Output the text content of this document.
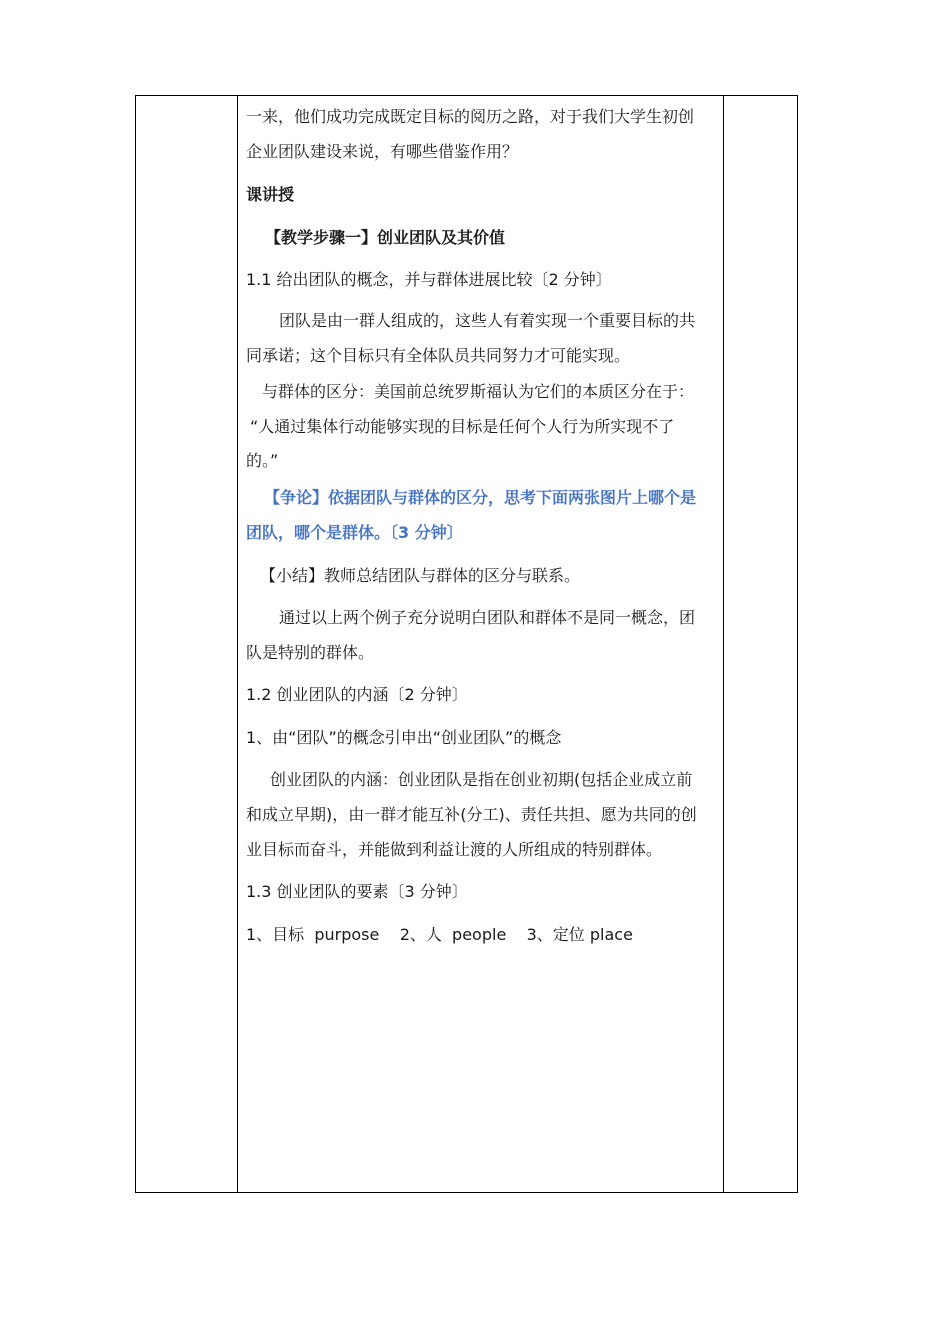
一来，他们成功完成既定目标的阅历之路，对于我们大学生初创
企业团队建设来说，有哪些借鉴作用？
课讲授
【教学步骤一】创业团队及其价值
1.1 给出团队的概念，并与群体进展比较〔2 分钟〕
团队是由一群人组成的，这些人有着实现一个重要目标的共
同承诺；这个目标只有全体队员共同努力才可能实现。
与群体的区分：美国前总统罗斯福认为它们的本质区分在于：
“人通过集体行动能够实现的目标是任何个人行为所实现不了
的。”
【争论】依据团队与群体的区分，思考下面两张图片上哪个是
团队，哪个是群体。〔3 分钟〕
【小结】教师总结团队与群体的区分与联系。
通过以上两个例子充分说明白团队和群体不是同一概念，团
队是特别的群体。
1.2 创业团队的内涵〔2 分钟〕
1、由“团队”的概念引申出“创业团队”的概念
创业团队的内涵：创业团队是指在创业初期(包括企业成立前
和成立早期)，由一群才能互补(分工)、责任共担、愿为共同的创
业目标而奋斗，并能做到利益让渡的人所组成的特别群体。
1.3 创业团队的要素〔3 分钟〕
1、目标  purpose    2、人  people    3、定位 place
